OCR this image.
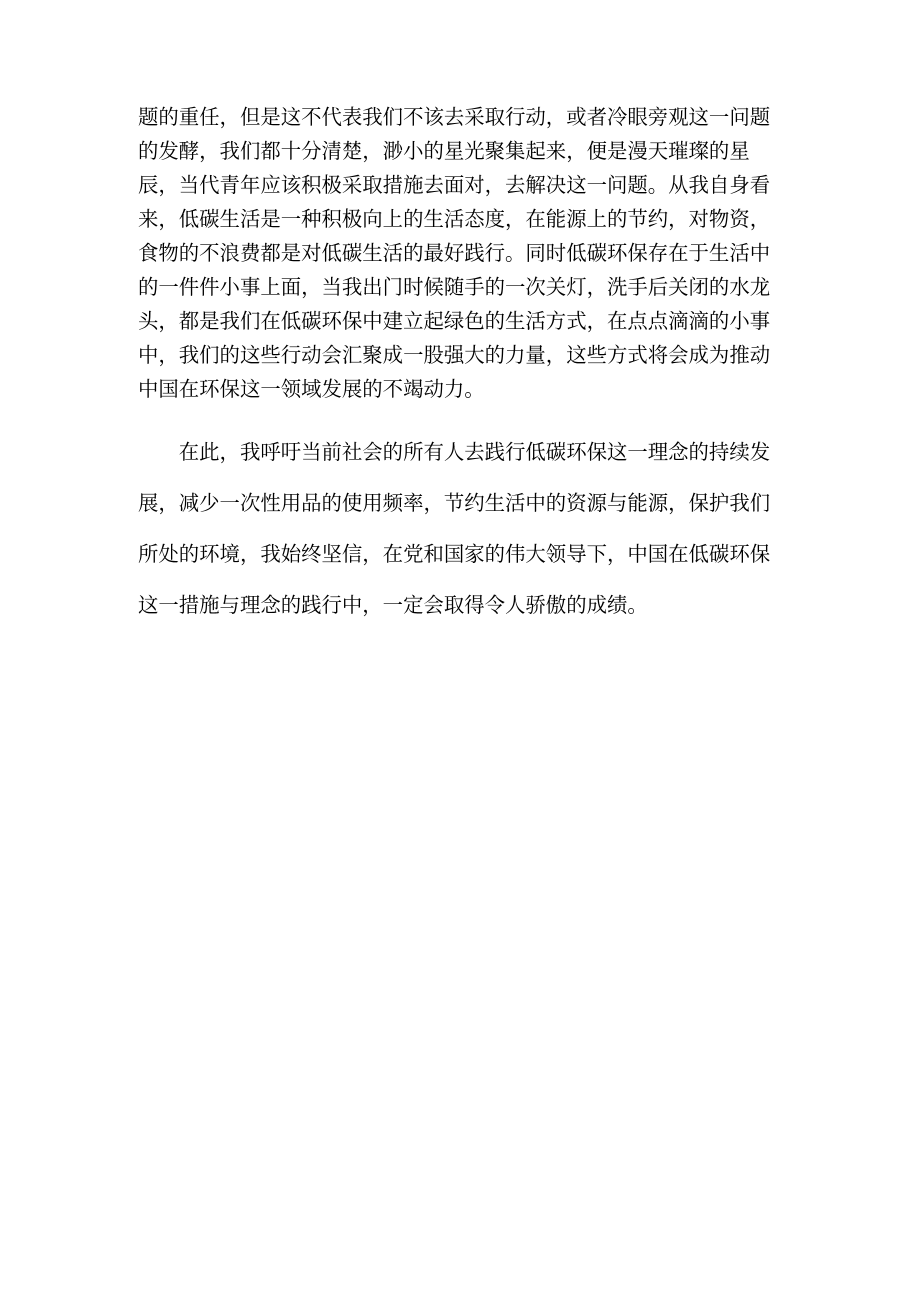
题的重任，但是这不代表我们不该去采取行动，或者冷眼旁观这一问题
的发酵，我们都十分清楚，渺小的星光聚集起来，便是漫天璀璨的星
辰，当代青年应该积极采取措施去面对，去解决这一问题。从我自身看
来，低碳生活是一种积极向上的生活态度，在能源上的节约，对物资，
食物的不浪费都是对低碳生活的最好践行。同时低碳环保存在于生活中
的一件件小事上面，当我出门时候随手的一次关灯，洗手后关闭的水龙
头，都是我们在低碳环保中建立起绿色的生活方式，在点点滴滴的小事
中，我们的这些行动会汇聚成一股强大的力量，这些方式将会成为推动
中国在环保这一领域发展的不竭动力。

　　在此，我呼吁当前社会的所有人去践行低碳环保这一理念的持续发
展，减少一次性用品的使用频率，节约生活中的资源与能源，保护我们
所处的环境，我始终坚信，在党和国家的伟大领导下，中国在低碳环保
这一措施与理念的践行中，一定会取得令人骄傲的成绩。
